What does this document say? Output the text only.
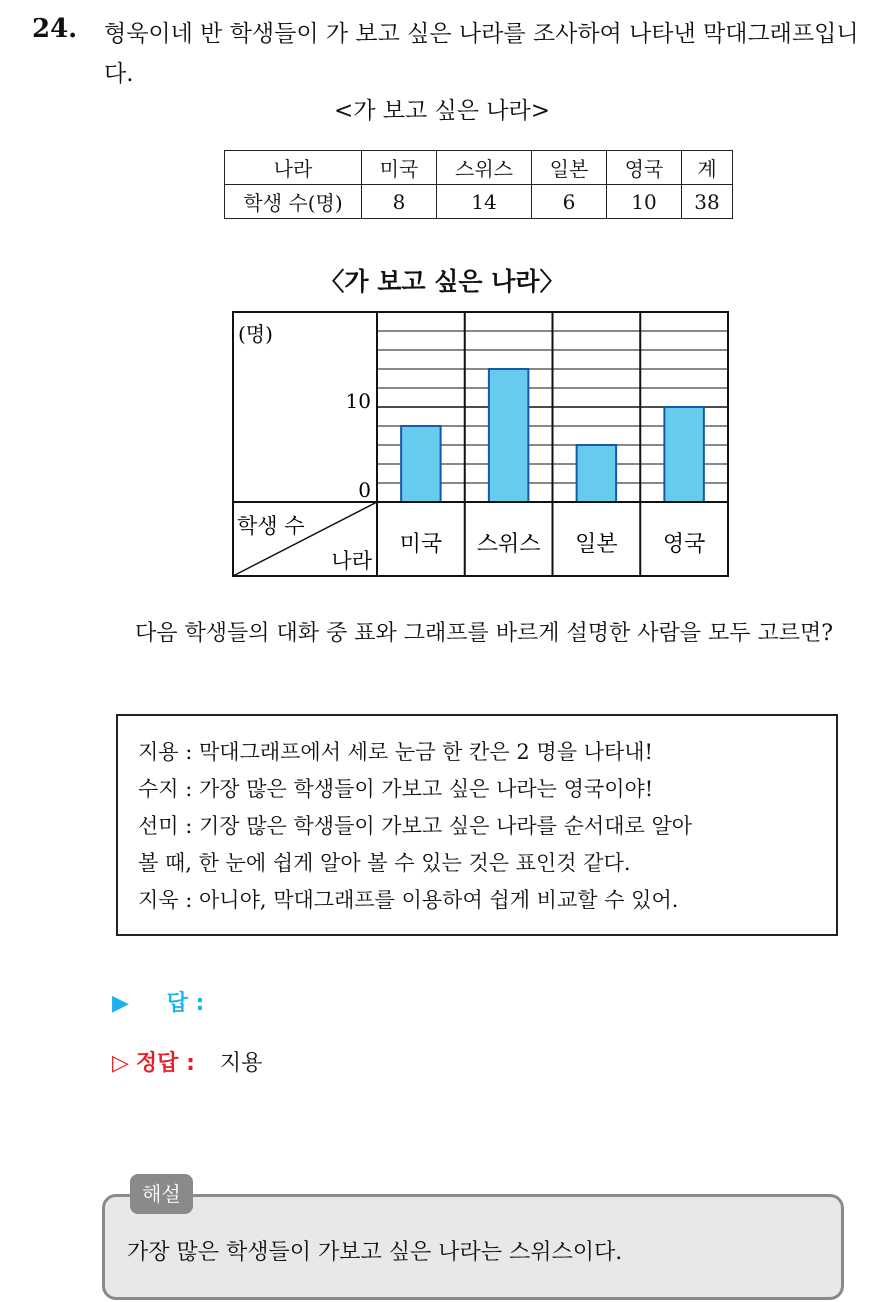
24. 형욱이네 반 학생들이 가 보고 싶은 나라를 조사하여 나타낸 막대그래프입니다.
<가 보고 싶은 나라>
나라	미국	스위스	일본	영국	계
학생 수(명)	8	14	6	10	38
〈가 보고 싶은 나라〉
(명)
10
0
학생 수
나라
미국 스위스 일본 영국
다음 학생들의 대화 중 표와 그래프를 바르게 설명한 사람을 모두 고르면?
지용 : 막대그래프에서 세로 눈금 한 칸은 2 명을 나타내!
수지 : 가장 많은 학생들이 가보고 싶은 나라는 영국이야!
선미 : 기장 많은 학생들이 가보고 싶은 나라를 순서대로 알아
볼 때, 한 눈에 쉽게 알아 볼 수 있는 것은 표인것 같다.
지욱 : 아니야, 막대그래프를 이용하여 쉽게 비교할 수 있어.
▶ 답 :
▷ 정답 : 지용
가장 많은 학생들이 가보고 싶은 나라는 스위스이다.
해설
